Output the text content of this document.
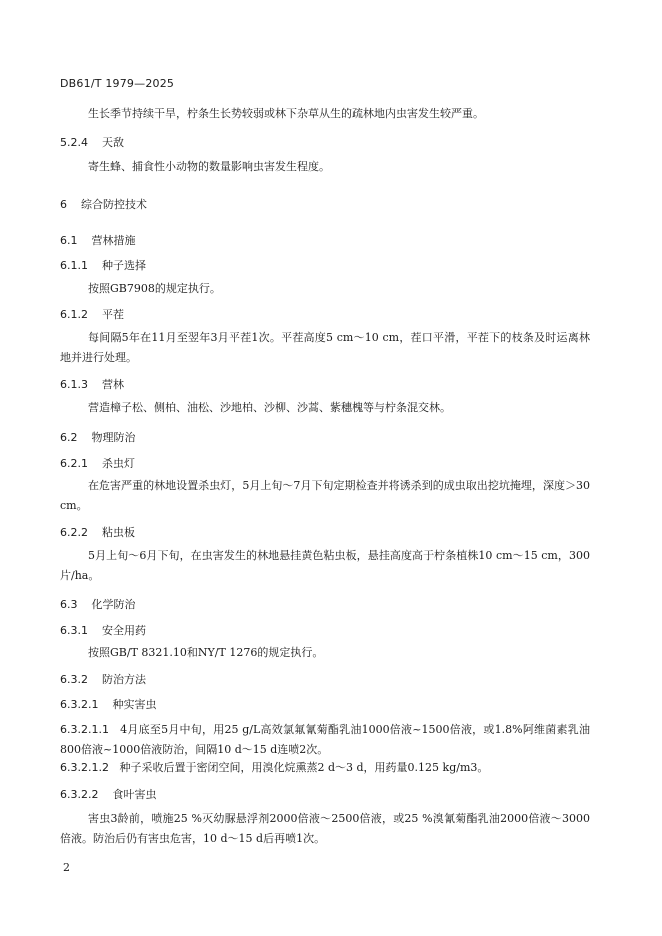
DB61/T 1979—2025
生长季节持续干旱，柠条生长势较弱或林下杂草从生的疏林地内虫害发生较严重。
5.2.4 天敌
寄生蜂、捕食性小动物的数量影响虫害发生程度。
6 综合防控技术
6.1 营林措施
6.1.1 种子选择
按照GB7908的规定执行。
6.1.2 平茬
每间隔5年在11月至翌年3月平茬1次。平茬高度5 cm～10 cm，茬口平滑，平茬下的枝条及时运离林地并进行处理。
6.1.3 营林
营造樟子松、侧柏、油松、沙地柏、沙柳、沙蒿、紫穗槐等与柠条混交林。
6.2 物理防治
6.2.1 杀虫灯
在危害严重的林地设置杀虫灯，5月上旬～7月下旬定期检查并将诱杀到的成虫取出挖坑掩埋，深度＞30 cm。
6.2.2 粘虫板
5月上旬～6月下旬，在虫害发生的林地悬挂黄色粘虫板，悬挂高度高于柠条植株10 cm～15 cm，300片/ha。
6.3 化学防治
6.3.1 安全用药
按照GB/T 8321.10和NY/T 1276的规定执行。
6.3.2 防治方法
6.3.2.1 种实害虫
6.3.2.1.1 4月底至5月中旬，用25 g/L高效氯氟氰菊酯乳油1000倍液~1500倍液，或1.8%阿维菌素乳油800倍液~1000倍液防治，间隔10 d～15 d连喷2次。
6.3.2.1.2 种子采收后置于密闭空间，用溴化烷熏蒸2 d～3 d，用药量0.125 kg/m3。
6.3.2.2 食叶害虫
害虫3龄前，喷施25 %灭幼脲悬浮剂2000倍液～2500倍液，或25 %溴氰菊酯乳油2000倍液～3000倍液。防治后仍有害虫危害，10 d～15 d后再喷1次。
2
